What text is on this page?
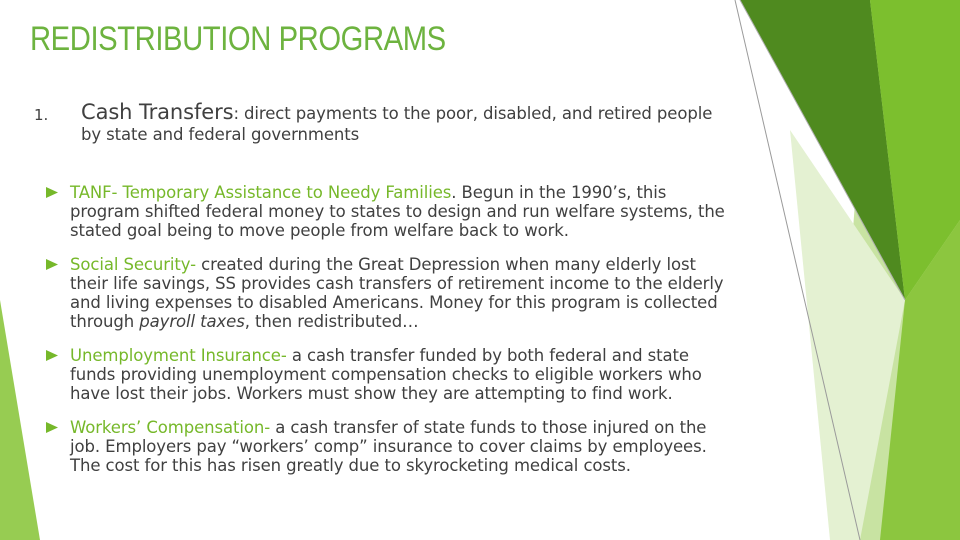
REDISTRIBUTION PROGRAMS
1. Cash Transfers: direct payments to the poor, disabled, and retired people by state and federal governments
TANF- Temporary Assistance to Needy Families. Begun in the 1990’s, this program shifted federal money to states to design and run welfare systems, the stated goal being to move people from welfare back to work.
Social Security- created during the Great Depression when many elderly lost their life savings, SS provides cash transfers of retirement income to the elderly and living expenses to disabled Americans. Money for this program is collected through payroll taxes, then redistributed…
Unemployment Insurance- a cash transfer funded by both federal and state funds providing unemployment compensation checks to eligible workers who have lost their jobs. Workers must show they are attempting to find work.
Workers’ Compensation- a cash transfer of state funds to those injured on the job. Employers pay “workers’ comp” insurance to cover claims by employees. The cost for this has risen greatly due to skyrocketing medical costs.
